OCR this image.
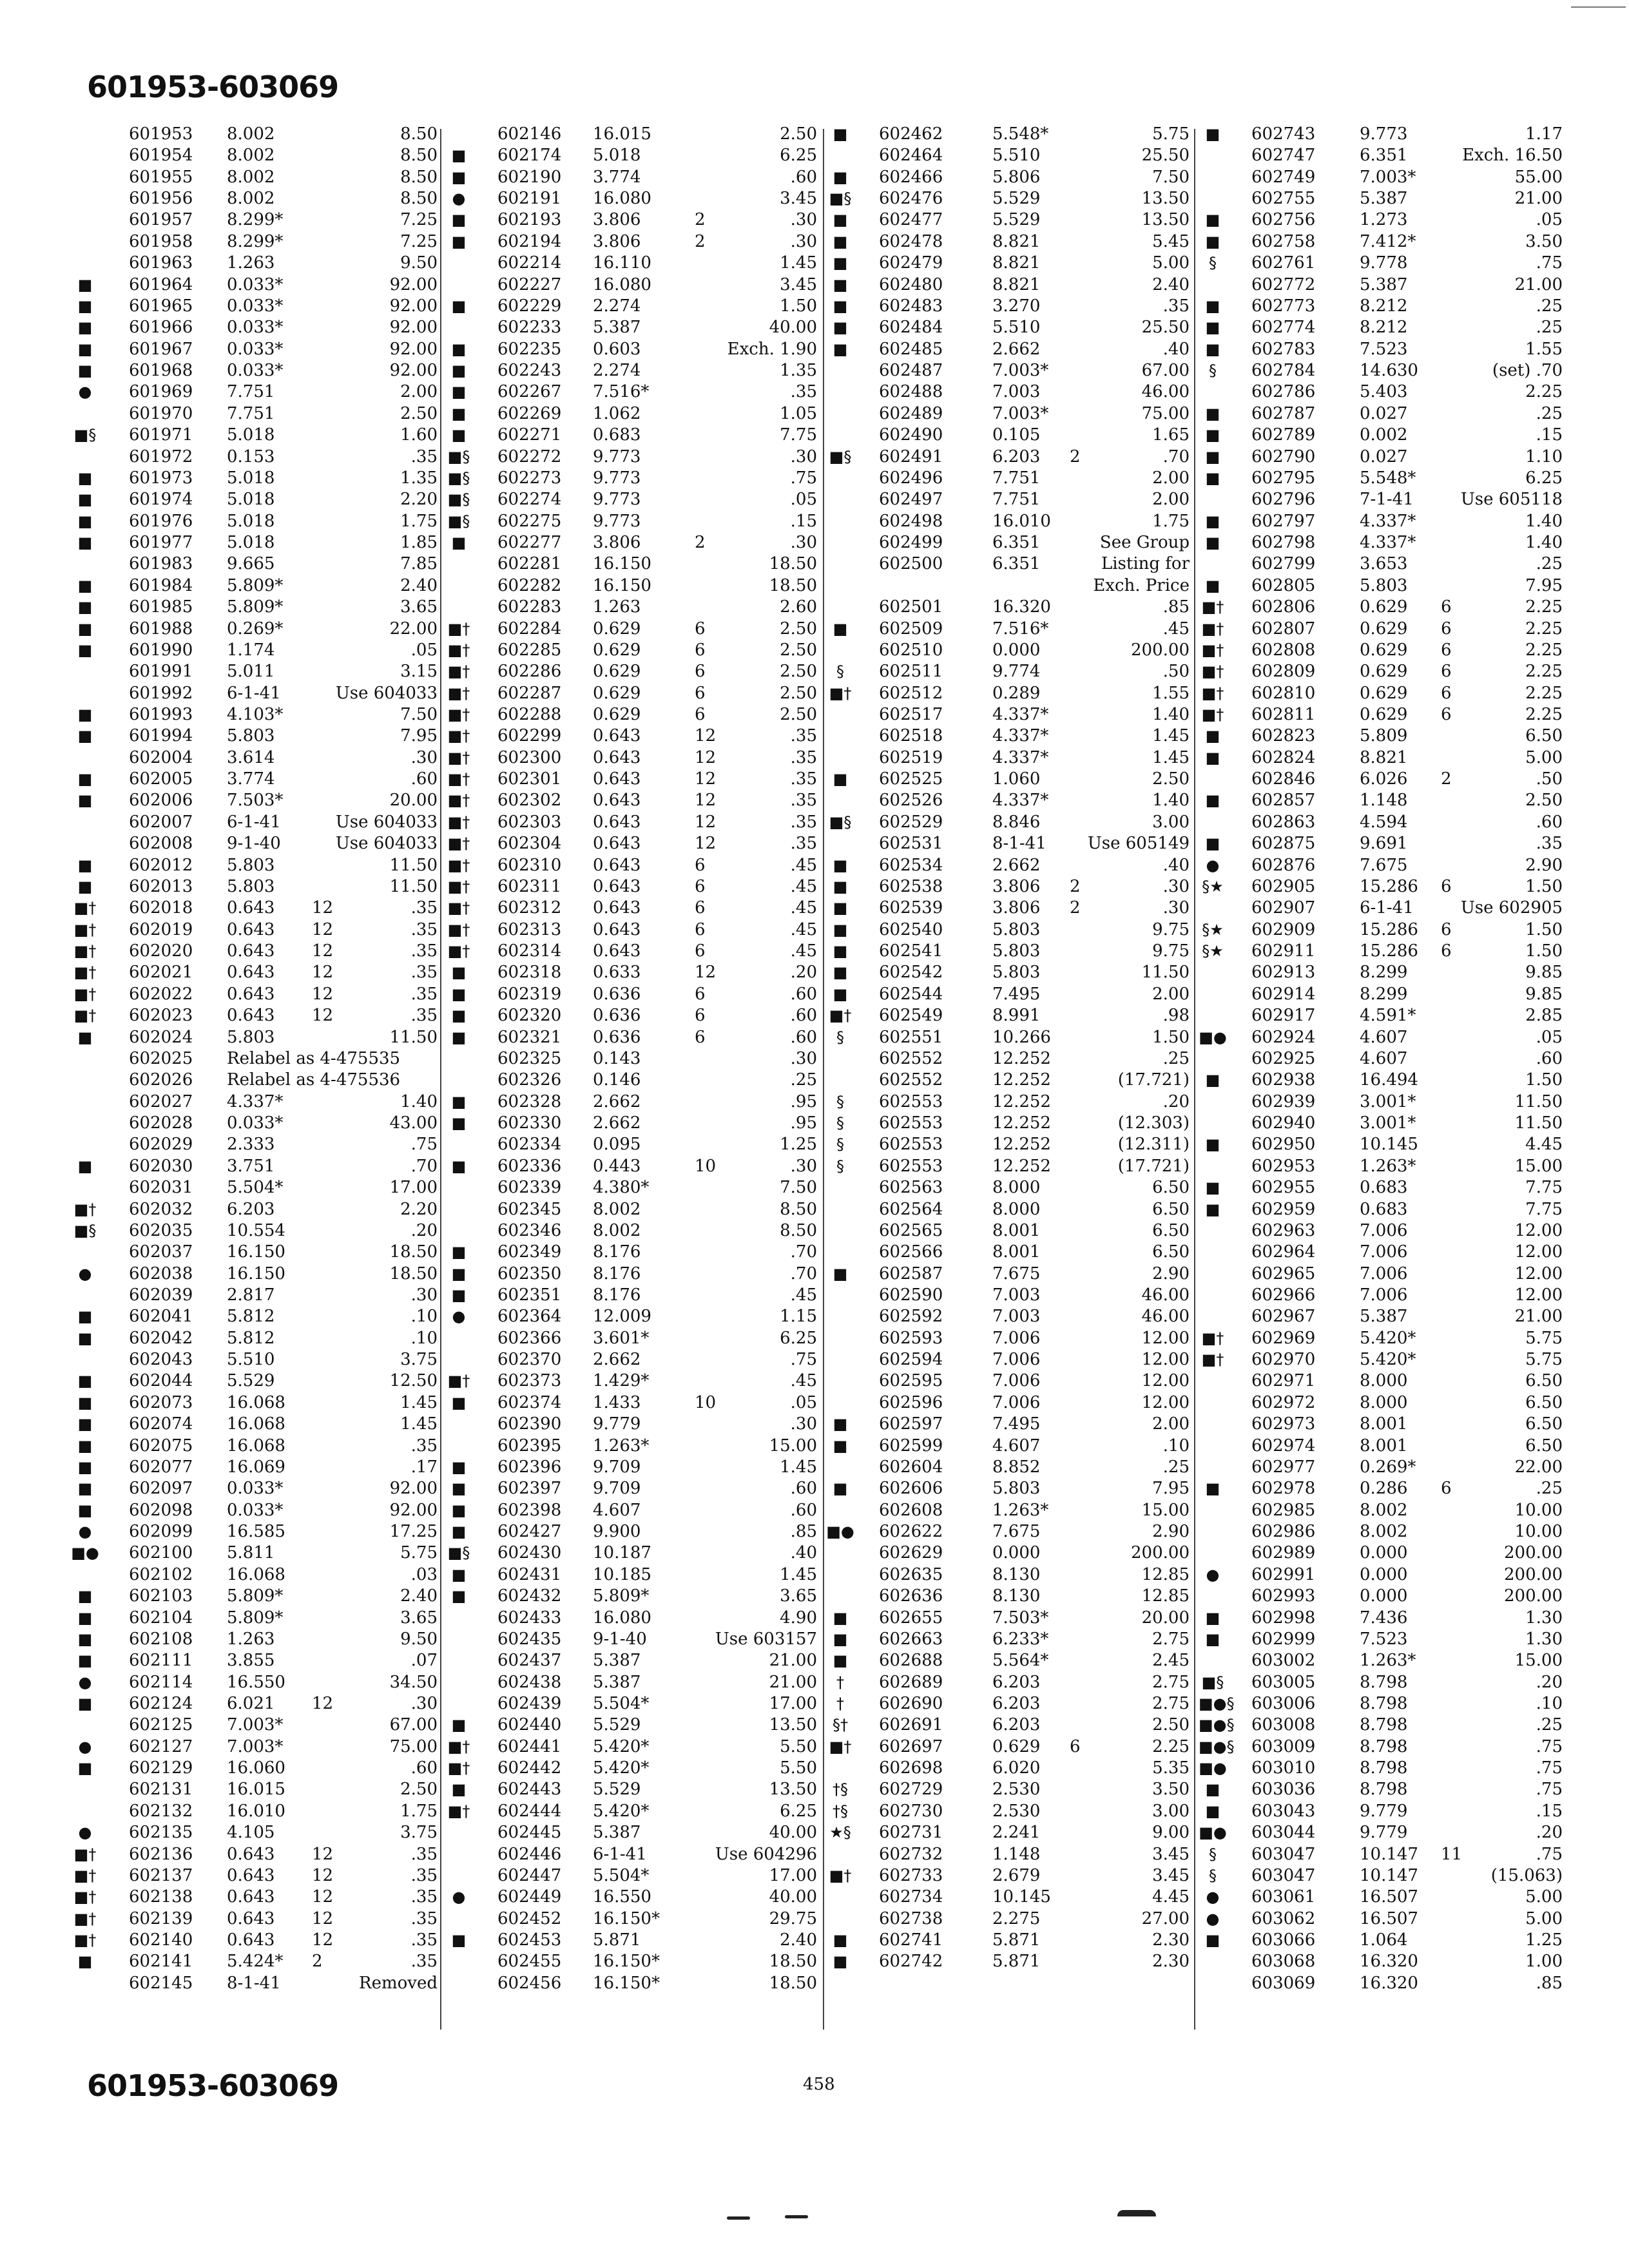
601953-603069
601953 8.002	8.50
601954 8.002	8.50
601955 8.002	8.50
601956 8.002	8.50
601957 8.299*	7.25
601958 8.299*	7.25
601963 1.263	9.50
■	601964 0.033*	92.00
■	601965 0.033*	92.00
■	601966 0.033*	92.00
■	601967 0.033*	92.00
■	601968 0.033*	92.00
●	601969 7.751	2.00
601970 7.751	2.50
■§ 601971 5.018	1.60
601972 0.153	.35
■	601973 5.018	1.35
■	601974 5.018	2.20
■	601976 5.018	1.75
■	601977 5.018	1.85
601983 9.665	7.85
■	601984 5.809*	2.40
■	601985 5.809*	3.65
■	601988 0.269*	22.00
■	601990 1.174	.05
601991 5.011	3.15
601992 6-1-41	Use 604033
■	601993 4.103*	7.50
■	601994 5.803	7.95
602004 3.614	.30
■	602005 3.774	.60
■	602006 7.503*	20.00
602007 6-1-41	Use 604033
602008 9-1-40	Use 604033
■	602012 5.803	11.50
■	602013 5.803	11.50
■† 602018 0.643 12	.35
■† 602019 0.643 12	.35
■† 602020 0.643 12	.35
■† 602021 0.643 12	.35
■† 602022 0.643 12	.35
■† 602023 0.643 12	.35
■	602024 5.803	11.50
602025 Relabel as 4-475535
602026 Relabel as 4-475536
602027 4.337*	1.40
602028 0.033*	43.00
602029 2.333	.75
■	602030 3.751	.70
602031 5.504*	17.00
■† 602032 6.203	2.20
■§ 602035 10.554	.20
602037 16.150	18.50
●	602038 16.150	18.50
602039 2.817	.30
■	602041 5.812	.10
■	602042 5.812	.10
602043 5.510	3.75
■	602044 5.529	12.50
■	602073 16.068	1.45
■	602074 16.068	1.45
■	602075 16.068	.35
■	602077 16.069	.17
■	602097 0.033*	92.00
■	602098 0.033*	92.00
●	602099 16.585	17.25
■● 602100 5.811	5.75
602102 16.068	.03
■	602103 5.809*	2.40
■	602104 5.809*	3.65
■	602108 1.263	9.50
■	602111 3.855	.07
●	602114 16.550	34.50
■	602124 6.021 12	.30
602125 7.003*	67.00
●	602127 7.003*	75.00
■	602129 16.060	.60
602131 16.015	2.50
602132 16.010	1.75
●	602135 4.105	3.75
■† 602136 0.643 12	.35
■† 602137 0.643 12	.35
■† 602138 0.643 12	.35
■† 602139 0.643 12	.35
■† 602140 0.643 12	.35
■	602141 5.424* 2	.35
602145 8-1-41	Removed
602146 16.015	2.50
■	602174 5.018	6.25
■	602190 3.774	.60
●	602191 16.080	3.45
■	602193 3.806	2	.30
■	602194 3.806	2	.30
602214 16.110	1.45
602227 16.080	3.45
■	602229 2.274	1.50
602233 5.387	40.00
■	602235 0.603	Exch. 1.90
■	602243 2.274	1.35
■	602267 7.516*	.35
■	602269 1.062	1.05
■	602271 0.683	7.75
■§ 602272 9.773	.30
■§ 602273 9.773	.75
■§ 602274 9.773	.05
■§ 602275 9.773	.15
■	602277 3.806	2	.30
602281 16.150	18.50
602282 16.150	18.50
602283 1.263	2.60
■† 602284 0.629	6	2.50
■† 602285 0.629	6	2.50
■† 602286 0.629	6	2.50
■† 602287 0.629	6	2.50
■† 602288 0.629	6	2.50
■† 602299 0.643	12	.35
■† 602300 0.643	12	.35
■† 602301 0.643	12	.35
■† 602302 0.643	12	.35
■† 602303 0.643	12	.35
■† 602304 0.643	12	.35
■† 602310 0.643	6	.45
■† 602311 0.643	6	.45
■† 602312 0.643	6	.45
■† 602313 0.643	6	.45
■† 602314 0.643	6	.45
■	602318 0.633	12	.20
■	602319 0.636	6	.60
■	602320 0.636	6	.60
■	602321 0.636	6	.60
602325 0.143	.30
602326 0.146	.25
■	602328 2.662	.95
■	602330 2.662	.95
602334 0.095	1.25
■	602336 0.443	10	.30
602339 4.380*	7.50
602345 8.002	8.50
602346 8.002	8.50
■	602349 8.176	.70
■	602350 8.176	.70
■	602351 8.176	.45
●	602364 12.009	1.15
602366 3.601*	6.25
602370 2.662	.75
■† 602373 1.429*	.45
■	602374 1.433	10	.05
602390 9.779	.30
602395 1.263*	15.00
■	602396 9.709	1.45
■	602397 9.709	.60
■	602398 4.607	.60
■	602427 9.900	.85
■§ 602430 10.187	.40
■	602431 10.185	1.45
■	602432 5.809*	3.65
602433 16.080	4.90
602435 9-1-40	Use 603157
602437 5.387	21.00
602438 5.387	21.00
602439 5.504*	17.00
■	602440 5.529	13.50
■† 602441 5.420*	5.50
■† 602442 5.420*	5.50
■	602443 5.529	13.50
■† 602444 5.420*	6.25
602445 5.387	40.00
602446 6-1-41	Use 604296
602447 5.504*	17.00
●	602449 16.550	40.00
602452 16.150*	29.75
■	602453 5.871	2.40
602455 16.150*	18.50
602456 16.150*	18.50
■	602462	5.548*	5.75
602464	5.510	25.50
■	602466	5.806	7.50
■§ 602476	5.529	13.50
■	602477	5.529	13.50
■	602478	8.821	5.45
■	602479	8.821	5.00
■	602480	8.821	2.40
■	602483	3.270	.35
■	602484	5.510	25.50
■	602485	2.662	.40
602487	7.003*	67.00
602488	7.003	46.00
602489	7.003*	75.00
602490	0.105	1.65
■§ 602491	6.203 2	.70
602496	7.751	2.00
602497	7.751	2.00
602498	16.010	1.75
602499	6.351	See Group
602500	6.351	Listing for
Exch. Price
602501	16.320	.85
■	602509	7.516*	.45
602510	0.000	200.00
§	602511	9.774	.50
■† 602512	0.289	1.55
602517	4.337*	1.40
602518	4.337*	1.45
602519	4.337*	1.45
■	602525	1.060	2.50
602526	4.337*	1.40
■§ 602529	8.846	3.00
602531	8-1-41 Use 605149
■	602534	2.662	.40
■	602538	3.806 2	.30
■	602539	3.806 2	.30
■	602540	5.803	9.75
■	602541	5.803	9.75
■	602542	5.803	11.50
■	602544	7.495	2.00
■† 602549	8.991	.98
§	602551	10.266	1.50
602552	12.252	.25
602552	12.252	(17.721)
§	602553	12.252	.20
§	602553	12.252	(12.303)
§	602553	12.252	(12.311)
§	602553	12.252	(17.721)
602563	8.000	6.50
602564	8.000	6.50
602565	8.001	6.50
602566	8.001	6.50
■	602587	7.675	2.90
602590	7.003	46.00
602592	7.003	46.00
602593	7.006	12.00
602594	7.006	12.00
602595	7.006	12.00
602596	7.006	12.00
■	602597	7.495	2.00
■	602599	4.607	.10
602604	8.852	.25
■	602606	5.803	7.95
602608	1.263*	15.00
■● 602622	7.675	2.90
602629	0.000	200.00
602635	8.130	12.85
602636	8.130	12.85
■	602655	7.503*	20.00
■	602663	6.233*	2.75
■	602688	5.564*	2.45
†	602689	6.203	2.75
†	602690	6.203	2.75
§†	602691	6.203	2.50
■† 602697	0.629 6	2.25
602698	6.020	5.35
†§	602729	2.530	3.50
†§	602730	2.530	3.00
★§ 602731	2.241	9.00
602732	1.148	3.45
■† 602733	2.679	3.45
602734	10.145	4.45
602738	2.275	27.00
■	602741	5.871	2.30
■	602742	5.871	2.30
■	602743	9.773	1.17
602747	6.351	Exch. 16.50
602749	7.003*	55.00
602755	5.387	21.00
■	602756	1.273	.05
■	602758	7.412*	3.50
§	602761	9.778	.75
602772	5.387	21.00
■	602773	8.212	.25
■	602774	8.212	.25
■	602783	7.523	1.55
§	602784	14.630	(set) .70
602786	5.403	2.25
■	602787	0.027	.25
■	602789	0.002	.15
■	602790	0.027	1.10
■	602795	5.548*	6.25
602796	7-1-41	Use 605118
■	602797	4.337*	1.40
■	602798	4.337*	1.40
602799	3.653	.25
■	602805	5.803	7.95
■† 602806	0.629 6	2.25
■† 602807	0.629 6	2.25
■† 602808	0.629 6	2.25
■† 602809	0.629 6	2.25
■† 602810	0.629 6	2.25
■† 602811	0.629 6	2.25
■	602823	5.809	6.50
■	602824	8.821	5.00
602846	6.026 2	.50
■	602857	1.148	2.50
602863	4.594	.60
■	602875	9.691	.35
●	602876	7.675	2.90
§★ 602905	15.286 6	1.50
602907	6-1-41	Use 602905
§★ 602909	15.286 6	1.50
§★ 602911	15.286 6	1.50
602913	8.299	9.85
602914	8.299	9.85
602917	4.591*	2.85
■● 602924	4.607	.05
602925	4.607	.60
■	602938	16.494	1.50
602939	3.001*	11.50
602940	3.001*	11.50
■	602950	10.145	4.45
602953	1.263*	15.00
■	602955	0.683	7.75
■	602959	0.683	7.75
602963	7.006	12.00
602964	7.006	12.00
602965	7.006	12.00
602966	7.006	12.00
602967	5.387	21.00
■† 602969	5.420*	5.75
■† 602970	5.420*	5.75
602971	8.000	6.50
602972	8.000	6.50
602973	8.001	6.50
602974	8.001	6.50
602977	0.269*	22.00
■	602978	0.286 6	.25
602985	8.002	10.00
602986	8.002	10.00
602989	0.000	200.00
●	602991	0.000	200.00
602993	0.000	200.00
■	602998	7.436	1.30
■	602999	7.523	1.30
603002	1.263*	15.00
■§ 603005	8.798	.20
■●§ 603006	8.798	.10
■●§ 603008	8.798	.25
■●§ 603009	8.798	.75
■● 603010	8.798	.75
■	603036	8.798	.75
■	603043	9.779	.15
■● 603044	9.779	.20
§	603047	10.147 11	.75
§	603047	10.147	(15.063)
●	603061	16.507	5.00
●	603062	16.507	5.00
■	603066	1.064	1.25
603068	16.320	1.00
603069	16.320	.85
601953-603069	458
